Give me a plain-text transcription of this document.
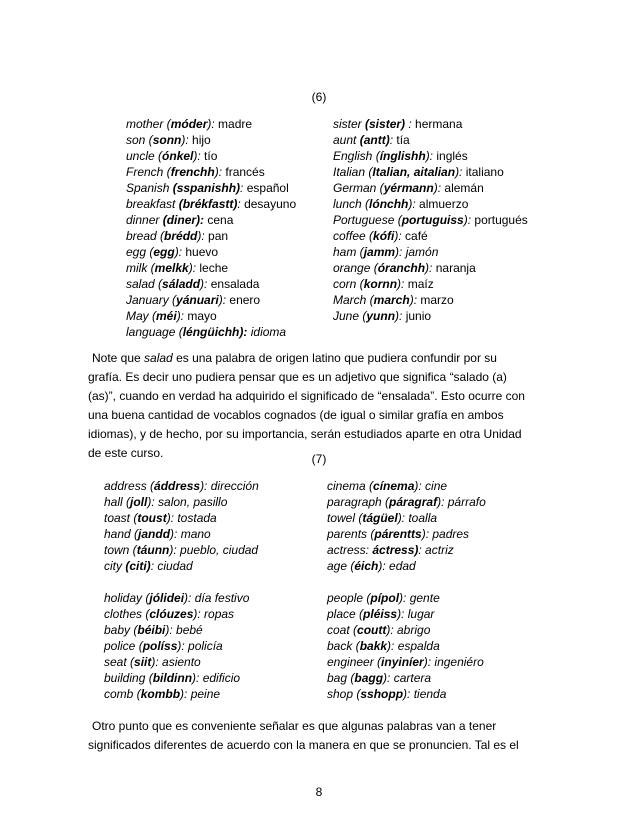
(6)
mother (móder): madre
son (sonn): hijo
uncle (ónkel): tío
French (frenchh): francés
Spanish (sspanishh): español
breakfast (brékfastt): desayuno
dinner (diner): cena
bread (brédd): pan
egg (egg): huevo
milk (melkk): leche
salad (sáladd): ensalada
January (yánuari): enero
May (méi): mayo
language (léngüichh): idioma
sister (sister) : hermana
aunt (antt): tía
English (ínglishh): inglés
Italian (Italian, aitalian): italiano
German (yérmann): alemán
lunch (lónchh): almuerzo
Portuguese (portuguiss): portugués
coffee (kófi): café
ham (jamm): jamón
orange (óranchh): naranja
corn (kornn): maíz
March (march): marzo
June (yunn): junio
Note que salad es una palabra de origen latino que pudiera confundir por su
grafía. Es decir uno pudiera pensar que es un adjetivo que significa “salado (a)
(as)”, cuando en verdad ha adquirido el significado de “ensalada”. Esto ocurre con
una buena cantidad de vocablos cognados (de igual o similar grafía en ambos
idiomas), y de hecho, por su importancia, serán estudiados aparte en otra Unidad
de este curso.	(7)
address (áddress): dirección
hall (joll): salon, pasillo
toast (toust): tostada
hand (jandd): mano
town (táunn): pueblo, ciudad
city (citi): ciudad
holiday (jólidei): día festivo
clothes (clóuzes): ropas
baby (béibi): bebé
police (políss): policía
seat (siit): asiento
building (bildinn): edificio
comb (kombb): peine
cinema (cínema): cine
paragraph (páragraf): párrafo
towel (tágüel): toalla
parents (párentts): padres
actress: áctress): actriz
age (éich): edad
people (pípol): gente
place (pléiss): lugar
coat (coutt): abrigo
back (bakk): espalda
engineer (inyiníer): ingeniéro
bag (bagg): cartera
shop (sshopp): tienda
Otro punto que es conveniente señalar es que algunas palabras van a tener
significados diferentes de acuerdo con la manera en que se pronuncien. Tal es el
8
